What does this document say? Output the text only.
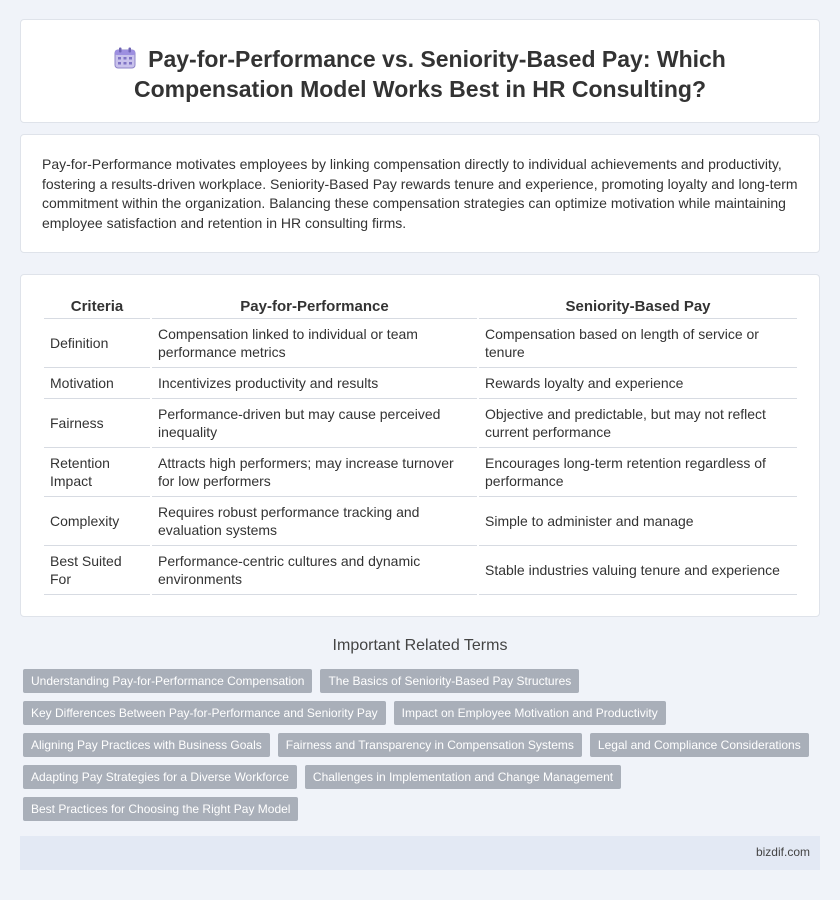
Pay-for-Performance vs. Seniority-Based Pay: Which Compensation Model Works Best in HR Consulting?

Pay-for-Performance motivates employees by linking compensation directly to individual achievements and productivity, fostering a results-driven workplace. Seniority-Based Pay rewards tenure and experience, promoting loyalty and long-term commitment within the organization. Balancing these compensation strategies can optimize motivation while maintaining employee satisfaction and retention in HR consulting firms.

Criteria	Pay-for-Performance	Seniority-Based Pay
Definition	Compensation linked to individual or team performance metrics	Compensation based on length of service or tenure
Motivation	Incentivizes productivity and results	Rewards loyalty and experience
Fairness	Performance-driven but may cause perceived inequality	Objective and predictable, but may not reflect current performance
Retention Impact	Attracts high performers; may increase turnover for low performers	Encourages long-term retention regardless of performance
Complexity	Requires robust performance tracking and evaluation systems	Simple to administer and manage
Best Suited For	Performance-centric cultures and dynamic environments	Stable industries valuing tenure and experience
Important Related Terms
Understanding Pay-for-Performance Compensation	The Basics of Seniority-Based Pay Structures
Key Differences Between Pay-for-Performance and Seniority Pay	Impact on Employee Motivation and Productivity
Aligning Pay Practices with Business Goals	Fairness and Transparency in Compensation Systems	Legal and Compliance Considerations
Adapting Pay Strategies for a Diverse Workforce	Challenges in Implementation and Change Management
Best Practices for Choosing the Right Pay Model
bizdif.com
